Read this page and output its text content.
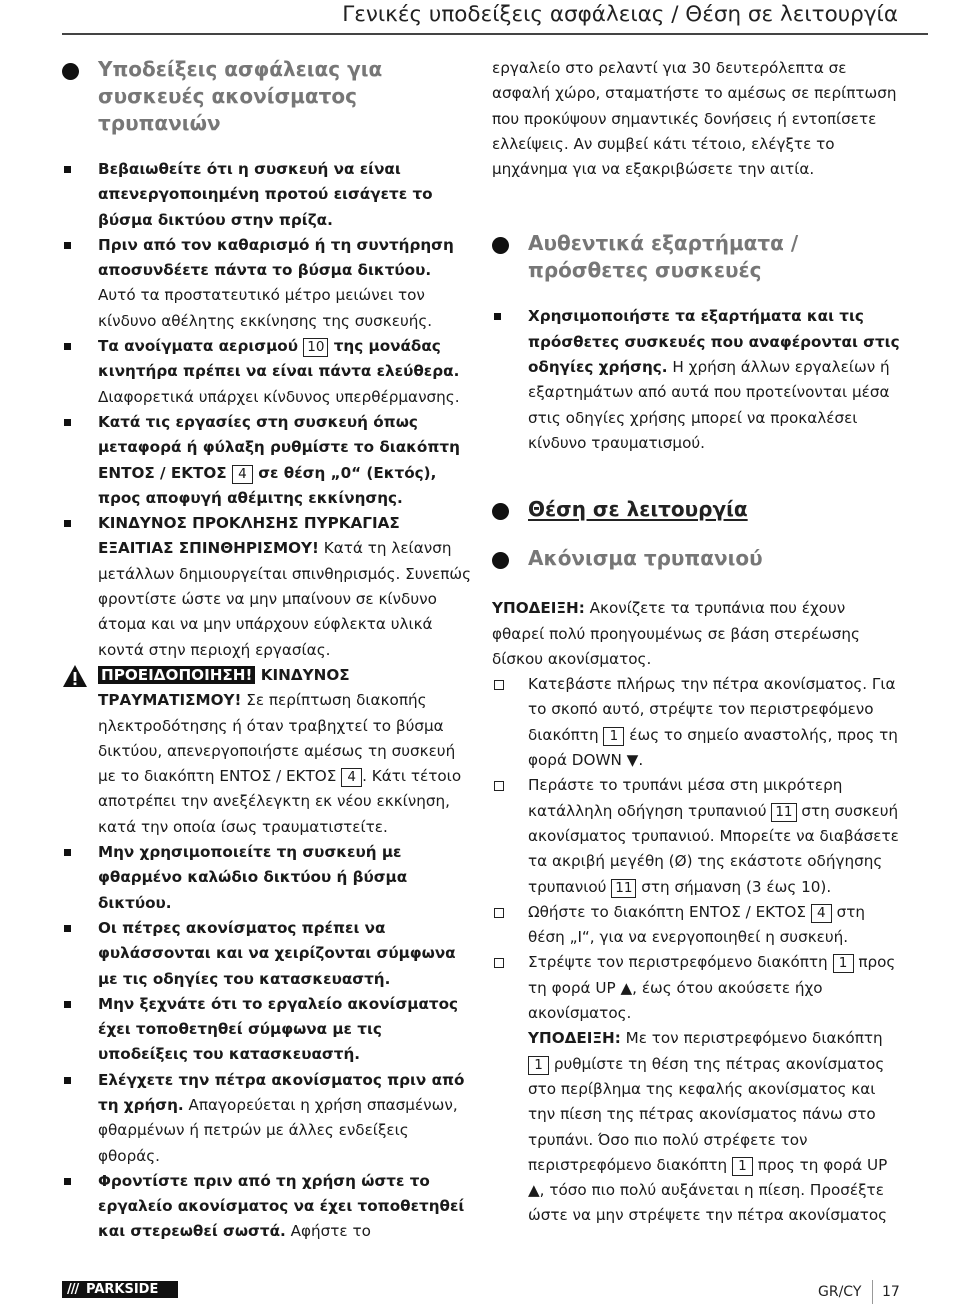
Γενικές υποδείξεις ασφάλειας / Θέση σε λειτουργία
Υποδείξεις ασφάλειας για συσκευές ακονίσματος τρυπανιών
Βεβαιωθείτε ότι η συσκευή να είναι απενεργοποιημένη προτού εισάγετε το βύσμα δικτύου στην πρίζα.
Πριν από τον καθαρισμό ή τη συντήρηση αποσυνδέετε πάντα το βύσμα δικτύου. Αυτό τα προστατευτικό μέτρο μειώνει τον κίνδυνο αθέλητης εκκίνησης της συσκευής.
Τα ανοίγματα αερισμού 10 της μονάδας κινητήρα πρέπει να είναι πάντα ελεύθερα. Διαφορετικά υπάρχει κίνδυνος υπερθέρμανσης.
Κατά τις εργασίες στη συσκευή όπως μεταφορά ή φύλαξη ρυθμίστε το διακόπτη ΕΝΤΟΣ / ΕΚΤΟΣ 4 σε θέση „0“ (Εκτός), προς αποφυγή αθέμιτης εκκίνησης.
ΚΙΝΔΥΝΟΣ ΠΡΟΚΛΗΣΗΣ ΠΥΡΚΑΓΙΑΣ ΕΞΑΙΤΙΑΣ ΣΠΙΝΘΗΡΙΣΜΟΥ! Κατά τη λείανση μετάλλων δημιουργείται σπινθηρισμός. Συνεπώς φροντίστε ώστε να μην μπαίνουν σε κίνδυνο άτομα και να μην υπάρχουν εύφλεκτα υλικά κοντά στην περιοχή εργασίας.
ΠΡΟΕΙΔΟΠΟΙΗΣΗ! ΚΙΝΔΥΝΟΣ ΤΡΑΥΜΑΤΙΣΜΟΥ! Σε περίπτωση διακοπής ηλεκτροδότησης ή όταν τραβηχτεί το βύσμα δικτύου, απενεργοποιήστε αμέσως τη συσκευή με το διακόπτη ΕΝΤΟΣ / ΕΚΤΟΣ 4 . Κάτι τέτοιο αποτρέπει την ανεξέλεγκτη εκ νέου εκκίνηση, κατά την οποία ίσως τραυματιστείτε.
Μην χρησιμοποιείτε τη συσκευή με φθαρμένο καλώδιο δικτύου ή βύσμα δικτύου.
Οι πέτρες ακονίσματος πρέπει να φυλάσσονται και να χειρίζονται σύμφωνα με τις οδηγίες του κατασκευαστή.
Μην ξεχνάτε ότι το εργαλείο ακονίσματος έχει τοποθετηθεί σύμφωνα με τις υποδείξεις του κατασκευαστή.
Ελέγχετε την πέτρα ακονίσματος πριν από τη χρήση. Απαγορεύεται η χρήση σπασμένων, φθαρμένων ή πετρών με άλλες ενδείξεις φθοράς.
Φροντίστε πριν από τη χρήση ώστε το εργαλείο ακονίσματος να έχει τοποθετηθεί και στερεωθεί σωστά. Αφήστε το

εργαλείο στο ρελαντί για 30 δευτερόλεπτα σε ασφαλή χώρο, σταματήστε το αμέσως σε περίπτωση που προκύψουν σημαντικές δονήσεις ή εντοπίσετε ελλείψεις. Αν συμβεί κάτι τέτοιο, ελέγξτε το μηχάνημα για να εξακριβώσετε την αιτία.

Αυθεντικά εξαρτήματα / πρόσθετες συσκευές
Χρησιμοποιήστε τα εξαρτήματα και τις πρόσθετες συσκευές που αναφέρονται στις οδηγίες χρήσης. Η χρήση άλλων εργαλείων ή εξαρτημάτων από αυτά που προτείνονται μέσα στις οδηγίες χρήσης μπορεί να προκαλέσει κίνδυνο τραυματισμού.
Θέση σε λειτουργία
Ακόνισμα τρυπανιού

ΥΠΟΔΕΙΞΗ: Ακονίζετε τα τρυπάνια που έχουν φθαρεί πολύ προηγουμένως σε βάση στερέωσης δίσκου ακονίσματος.

Κατεβάστε πλήρως την πέτρα ακονίσματος. Για το σκοπό αυτό, στρέψτε τον περιστρεφόμενο διακόπτη 1 έως το σημείο αναστολής, προς τη φορά DOWN ▼.
Περάστε το τρυπάνι μέσα στη μικρότερη κατάλληλη οδήγηση τρυπανιού 11 στη συσκευή ακονίσματος τρυπανιού. Μπορείτε να διαβάσετε τα ακριβή μεγέθη (Ø) της εκάστοτε οδήγησης τρυπανιού 11 στη σήμανση (3 έως 10).
Ωθήστε το διακόπτη ΕΝΤΟΣ / ΕΚΤΟΣ 4 στη θέση „I“, για να ενεργοποιηθεί η συσκευή.
Στρέψτε τον περιστρεφόμενο διακόπτη 1 προς τη φορά UP ▲, έως ότου ακούσετε ήχο ακονίσματος.
ΥΠΟΔΕΙΞΗ: Με τον περιστρεφόμενο διακόπτη 1 ρυθμίστε τη θέση της πέτρας ακονίσματος στο περίβλημα της κεφαλής ακονίσματος και την πίεση της πέτρας ακονίσματος πάνω στο τρυπάνι. Όσο πιο πολύ στρέφετε τον περιστρεφόμενο διακόπτη 1 προς τη φορά UP ▲, τόσο πιο πολύ αυξάνεται η πίεση. Προσέξτε ώστε να μην στρέψετε την πέτρα ακονίσματος
/// PARKSIDE	GR/CY 17
